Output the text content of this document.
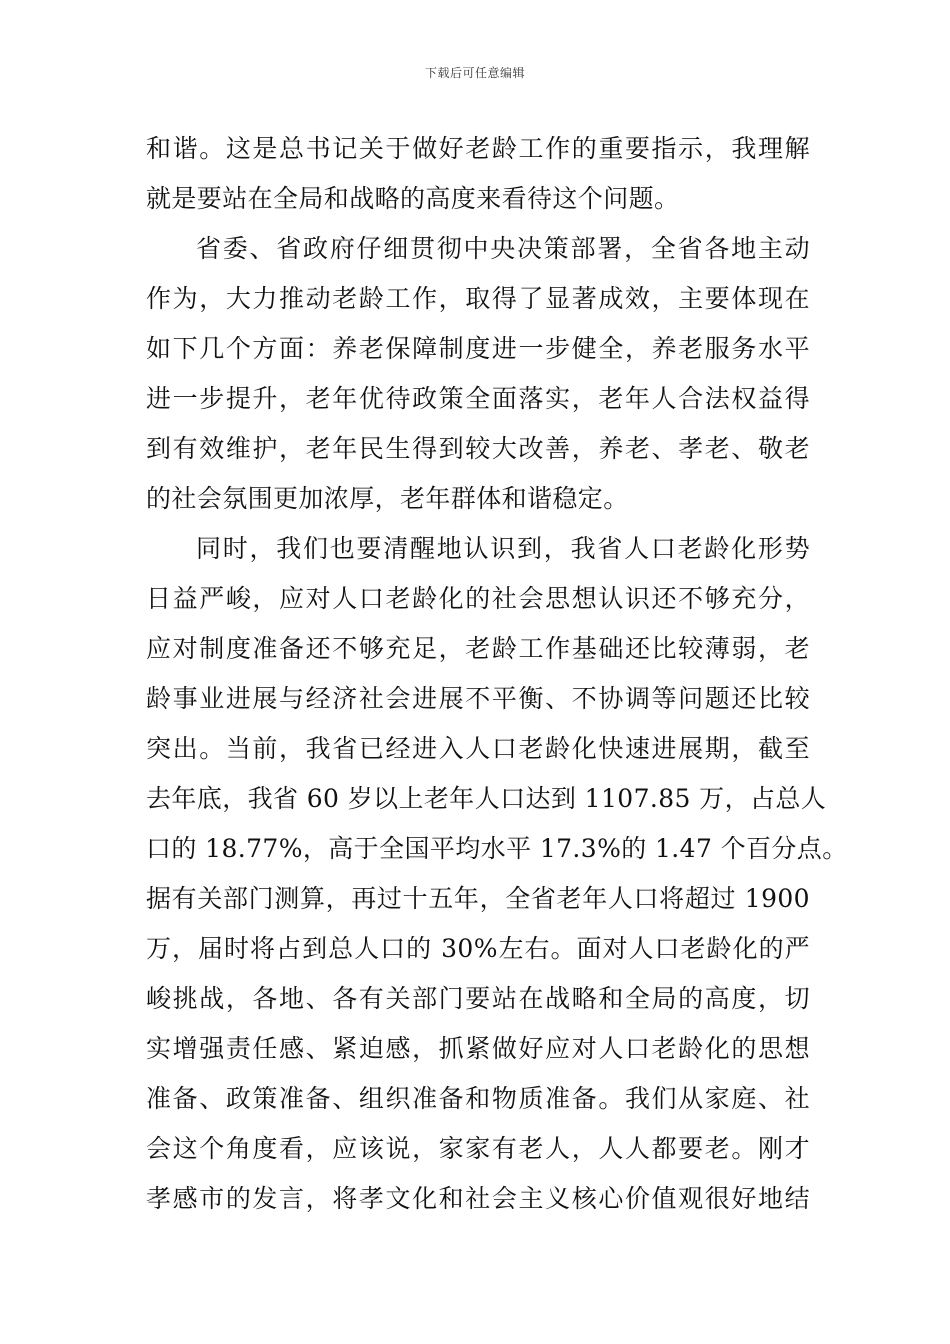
下载后可任意编辑
和谐。这是总书记关于做好老龄工作的重要指示，我理解
就是要站在全局和战略的高度来看待这个问题。
省委、省政府仔细贯彻中央决策部署，全省各地主动
作为，大力推动老龄工作，取得了显著成效，主要体现在
如下几个方面：养老保障制度进一步健全，养老服务水平
进一步提升，老年优待政策全面落实，老年人合法权益得
到有效维护，老年民生得到较大改善，养老、孝老、敬老
的社会氛围更加浓厚，老年群体和谐稳定。
同时，我们也要清醒地认识到，我省人口老龄化形势
日益严峻，应对人口老龄化的社会思想认识还不够充分，
应对制度准备还不够充足，老龄工作基础还比较薄弱，老
龄事业进展与经济社会进展不平衡、不协调等问题还比较
突出。当前，我省已经进入人口老龄化快速进展期，截至
去年底，我省 60 岁以上老年人口达到 1107.85 万，占总人
口的 18.77%，高于全国平均水平 17.3%的 1.47 个百分点。
据有关部门测算，再过十五年，全省老年人口将超过 1900
万，届时将占到总人口的 30%左右。面对人口老龄化的严
峻挑战，各地、各有关部门要站在战略和全局的高度，切
实增强责任感、紧迫感，抓紧做好应对人口老龄化的思想
准备、政策准备、组织准备和物质准备。我们从家庭、社
会这个角度看，应该说，家家有老人，人人都要老。刚才
孝感市的发言，将孝文化和社会主义核心价值观很好地结
